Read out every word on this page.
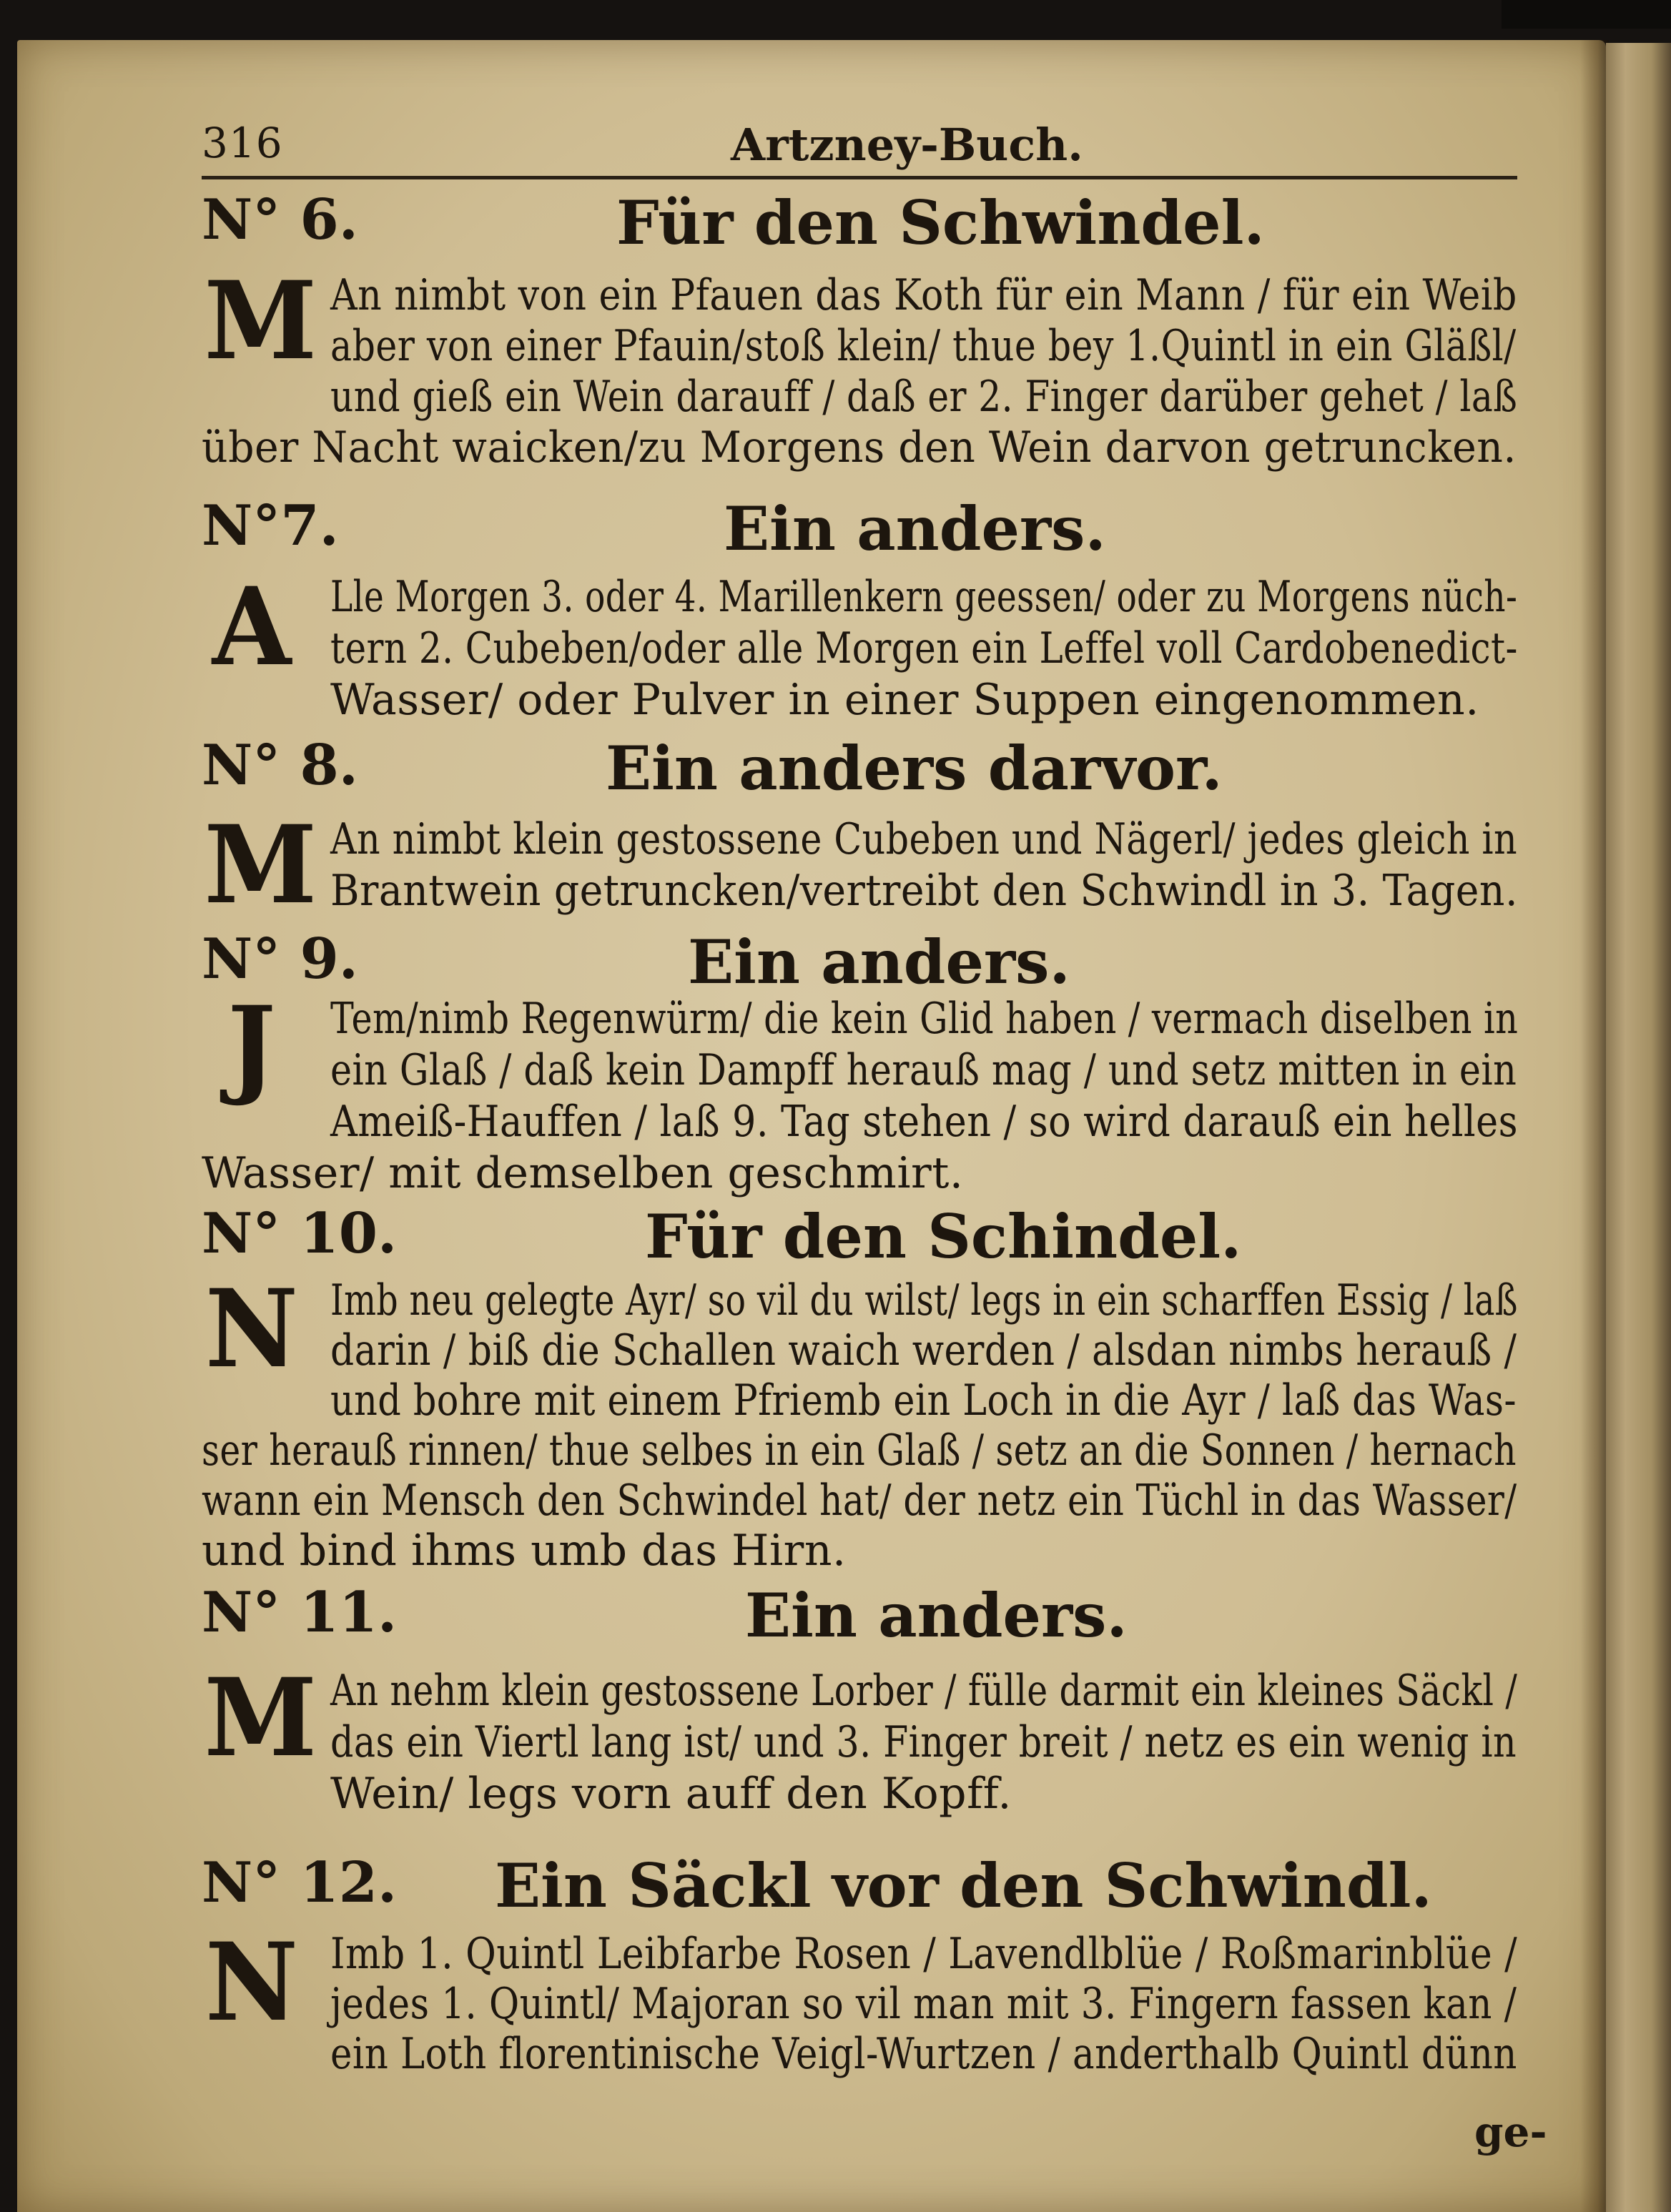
316	Artzney-Buch.
N° 6.	Für den Schwindel.
M An nimbt von ein Pfauen das Koth für ein Mann / für ein Weib
aber von einer Pfauin/stoß klein/ thue bey 1.Quintl in ein Gläßl/
und gieß ein Wein darauff / daß er 2. Finger darüber gehet / laß
über Nacht waicken/zu Morgens den Wein darvon getruncken.
N°7.	Ein anders.
A Lle Morgen 3. oder 4. Marillenkern geessen/ oder zu Morgens nüch-
tern 2. Cubeben/oder alle Morgen ein Leffel voll Cardobenedict-
Wasser/ oder Pulver in einer Suppen eingenommen.
N° 8.	Ein anders darvor.
M An nimbt klein gestossene Cubeben und Nägerl/ jedes gleich in
Brantwein getruncken/vertreibt den Schwindl in 3. Tagen.
N° 9.	Ein anders.
J	Tem/nimb Regenwürm/ die kein Glid haben / vermach diselben in
ein Glaß / daß kein Dampff herauß mag / und setz mitten in ein
Ameiß-Hauffen / laß 9. Tag stehen / so wird darauß ein helles
Wasser/ mit demselben geschmirt.
N° 10.	Für den Schindel.
N Imb neu gelegte Ayr/ so vil du wilst/ legs in ein scharffen Essig / laß
darin / biß die Schallen waich werden / alsdan nimbs herauß /
und bohre mit einem Pfriemb ein Loch in die Ayr / laß das Was-
ser herauß rinnen/ thue selbes in ein Glaß / setz an die Sonnen / hernach
wann ein Mensch den Schwindel hat/ der netz ein Tüchl in das Wasser/
und bind ihms umb das Hirn.
N° 11.	Ein anders.
M An nehm klein gestossene Lorber / fülle darmit ein kleines Säckl /
das ein Viertl lang ist/ und 3. Finger breit / netz es ein wenig in
Wein/ legs vorn auff den Kopff.
N° 12. Ein Säckl vor den Schwindl.
N Imb 1. Quintl Leibfarbe Rosen / Lavendlblüe / Roßmarinblüe /
jedes 1. Quintl/ Majoran so vil man mit 3. Fingern fassen kan /
ein Loth florentinische Veigl-Wurtzen / anderthalb Quintl dünn
ge-
